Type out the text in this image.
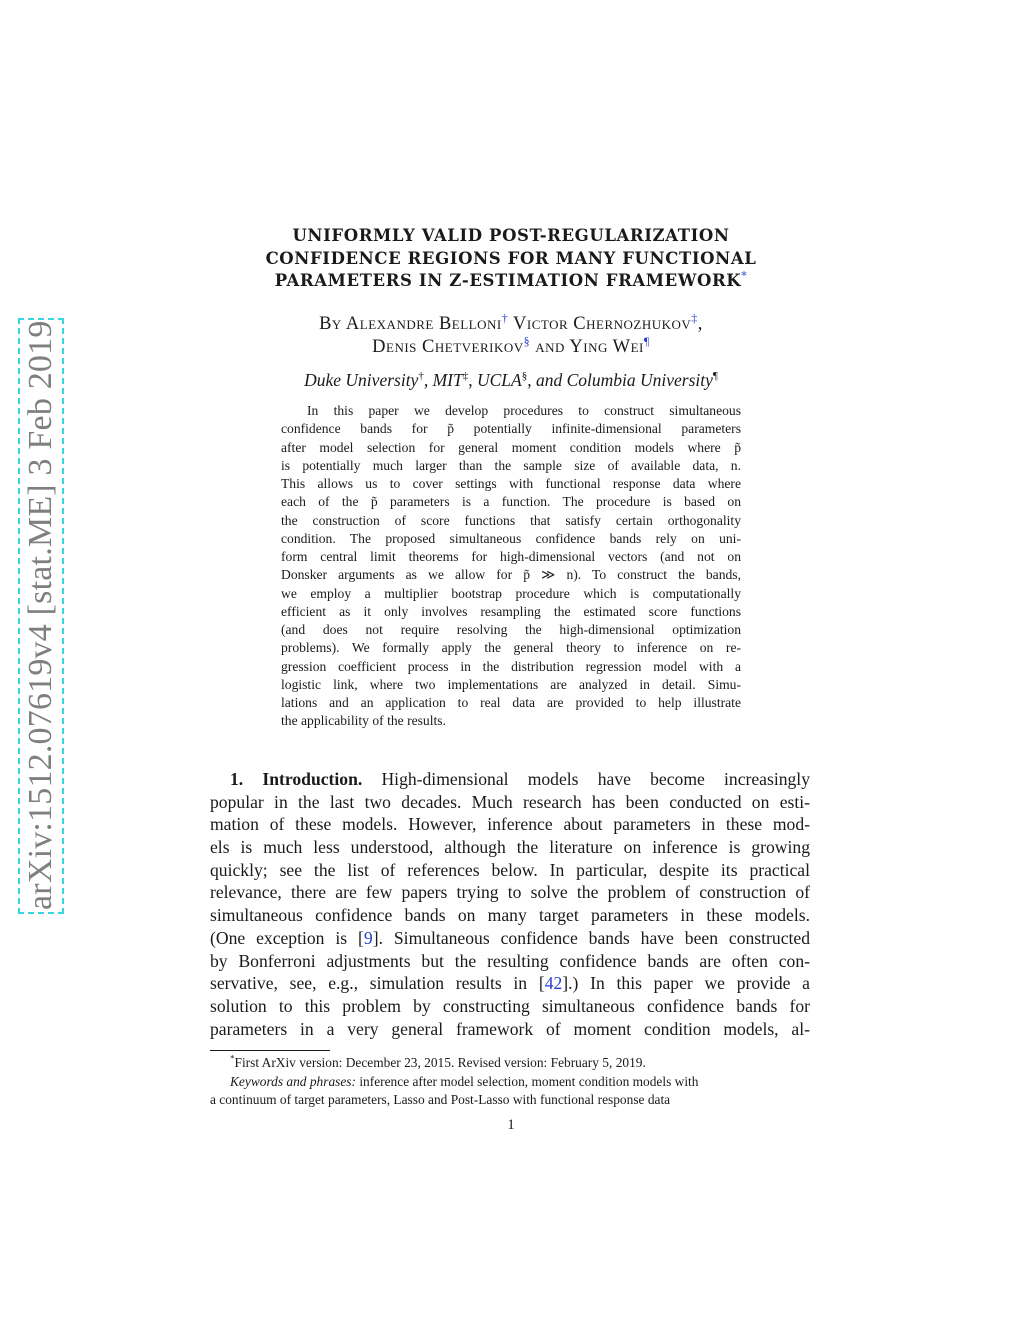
arXiv:1512.07619v4 [stat.ME] 3 Feb 2019
UNIFORMLY VALID POST-REGULARIZATION
CONFIDENCE REGIONS FOR MANY FUNCTIONAL
PARAMETERS IN Z-ESTIMATION FRAMEWORK*
By Alexandre Belloni† Victor Chernozhukov‡,
Denis Chetverikov§ and Ying Wei¶
Duke University†, MIT‡, UCLA§, and Columbia University¶
In this paper we develop procedures to construct simultaneous
confidence bands for p̃ potentially infinite-dimensional parameters
after model selection for general moment condition models where p̃
is potentially much larger than the sample size of available data, n.
This allows us to cover settings with functional response data where
each of the p̃ parameters is a function. The procedure is based on
the construction of score functions that satisfy certain orthogonality
condition. The proposed simultaneous confidence bands rely on uni-
form central limit theorems for high-dimensional vectors (and not on
Donsker arguments as we allow for p̃ ≫ n). To construct the bands,
we employ a multiplier bootstrap procedure which is computationally
efficient as it only involves resampling the estimated score functions
(and does not require resolving the high-dimensional optimization
problems). We formally apply the general theory to inference on re-
gression coefficient process in the distribution regression model with a
logistic link, where two implementations are analyzed in detail. Simu-
lations and an application to real data are provided to help illustrate
the applicability of the results.
1. Introduction. High-dimensional models have become increasingly
popular in the last two decades. Much research has been conducted on esti-
mation of these models. However, inference about parameters in these mod-
els is much less understood, although the literature on inference is growing
quickly; see the list of references below. In particular, despite its practical
relevance, there are few papers trying to solve the problem of construction of
simultaneous confidence bands on many target parameters in these models.
(One exception is [9]. Simultaneous confidence bands have been constructed
by Bonferroni adjustments but the resulting confidence bands are often con-
servative, see, e.g., simulation results in [42].) In this paper we provide a
solution to this problem by constructing simultaneous confidence bands for
parameters in a very general framework of moment condition models, al-
*First ArXiv version: December 23, 2015. Revised version: February 5, 2019.
Keywords and phrases: inference after model selection, moment condition models with
a continuum of target parameters, Lasso and Post-Lasso with functional response data
1
